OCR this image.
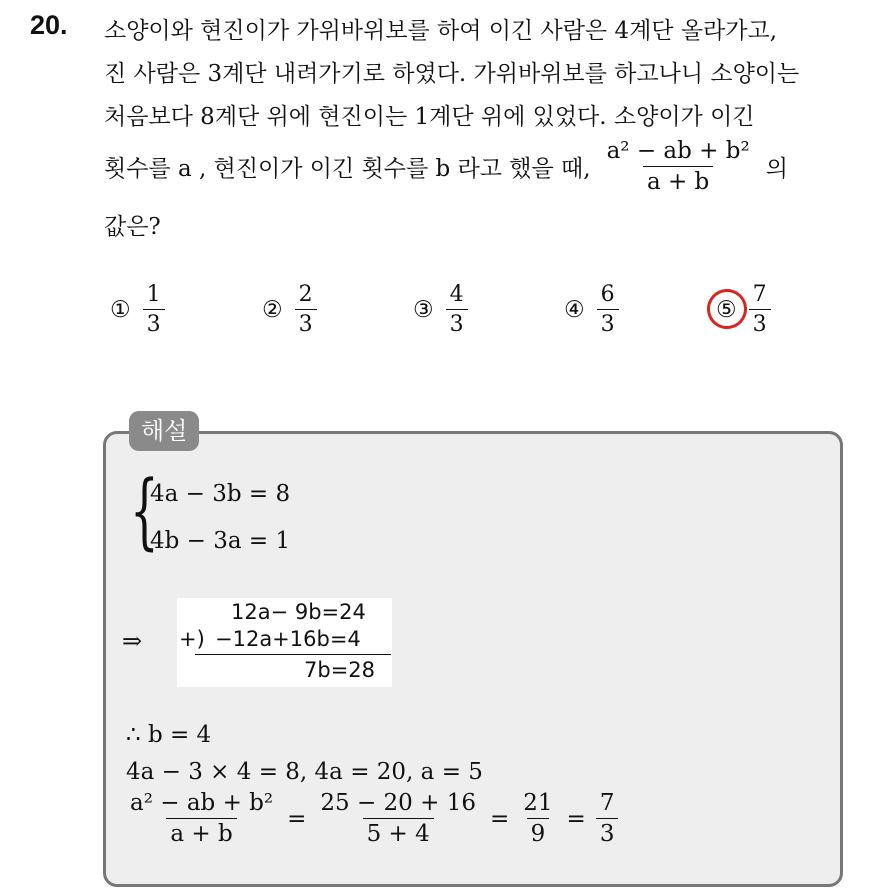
20. 소양이와 현진이가 가위바위보를 하여 이긴 사람은 4계단 올라가고,
진 사람은 3계단 내려가기로 하였다. 가위바위보를 하고나니 소양이는
처음보다 8계단 위에 현진이는 1계단 위에 있었다. 소양이가 이긴
횟수를 a , 현진이가 이긴 횟수를 b 라고 했을 때, $\frac{\text{a² − ab + b²}}{a + b}$ 의
값은?
① $\frac{1}{3}$	② $\frac{2}{3}$	③ $\frac{4}{3}$	④ $\frac{6}{3}$	⑤ $\frac{7}{3}$
해설
{
4a − 3b = 8
4b − 3a = 1
⇒
12a− 9b=24
+) −12a+16b=4
7b=28
∴ b = 4
4a − 3 × 4 = 8, 4a = 20, a = 5
$\frac{\text{a² − ab + b²}}{a + b} = \frac{25 - 20 + 16}{5 + 4} = \frac{21}{9} = \frac{7}{3}$
